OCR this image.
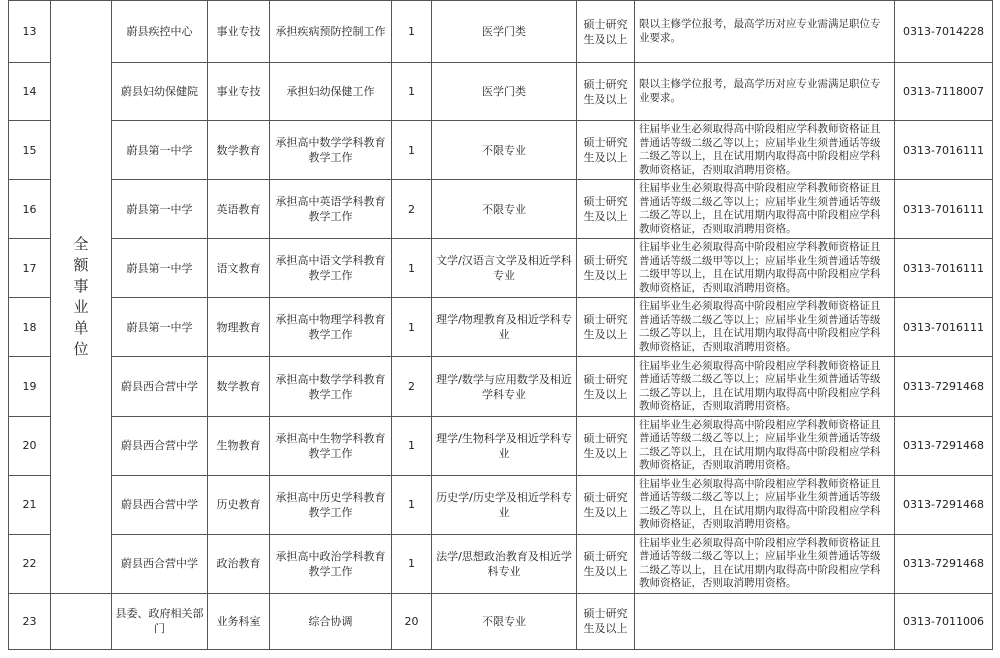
13	全额事业单位	蔚县疾控中心	事业专技	承担疾病预防控制工作	1	医学门类	硕士研究生及以上	限以主修学位报考，最高学历对应专业需满足职位专业要求。	0313-7014228
14		蔚县妇幼保健院	事业专技	承担妇幼保健工作	1	医学门类	硕士研究生及以上	限以主修学位报考，最高学历对应专业需满足职位专业要求。	0313-7118007
15		蔚县第一中学	数学教育	承担高中数学学科教育教学工作	1	不限专业	硕士研究生及以上	往届毕业生必须取得高中阶段相应学科教师资格证且普通话等级二级乙等以上；应届毕业生须普通话等级二级乙等以上，且在试用期内取得高中阶段相应学科教师资格证，否则取消聘用资格。	0313-7016111
16		蔚县第一中学	英语教育	承担高中英语学科教育教学工作	2	不限专业	硕士研究生及以上	往届毕业生必须取得高中阶段相应学科教师资格证且普通话等级二级乙等以上；应届毕业生须普通话等级二级乙等以上，且在试用期内取得高中阶段相应学科教师资格证，否则取消聘用资格。	0313-7016111
17		蔚县第一中学	语文教育	承担高中语文学科教育教学工作	1	文学/汉语言文学及相近学科专业	硕士研究生及以上	往届毕业生必须取得高中阶段相应学科教师资格证且普通话等级二级甲等以上；应届毕业生须普通话等级二级甲等以上，且在试用期内取得高中阶段相应学科教师资格证，否则取消聘用资格。	0313-7016111
18		蔚县第一中学	物理教育	承担高中物理学科教育教学工作	1	理学/物理教育及相近学科专业	硕士研究生及以上	往届毕业生必须取得高中阶段相应学科教师资格证且普通话等级二级乙等以上；应届毕业生须普通话等级二级乙等以上，且在试用期内取得高中阶段相应学科教师资格证，否则取消聘用资格。	0313-7016111
19		蔚县西合营中学	数学教育	承担高中数学学科教育教学工作	2	理学/数学与应用数学及相近学科专业	硕士研究生及以上	往届毕业生必须取得高中阶段相应学科教师资格证且普通话等级二级乙等以上；应届毕业生须普通话等级二级乙等以上，且在试用期内取得高中阶段相应学科教师资格证，否则取消聘用资格。	0313-7291468
20		蔚县西合营中学	生物教育	承担高中生物学科教育教学工作	1	理学/生物科学及相近学科专业	硕士研究生及以上	往届毕业生必须取得高中阶段相应学科教师资格证且普通话等级二级乙等以上；应届毕业生须普通话等级二级乙等以上，且在试用期内取得高中阶段相应学科教师资格证，否则取消聘用资格。	0313-7291468
21		蔚县西合营中学	历史教育	承担高中历史学科教育教学工作	1	历史学/历史学及相近学科专业	硕士研究生及以上	往届毕业生必须取得高中阶段相应学科教师资格证且普通话等级二级乙等以上；应届毕业生须普通话等级二级乙等以上，且在试用期内取得高中阶段相应学科教师资格证，否则取消聘用资格。	0313-7291468
22		蔚县西合营中学	政治教育	承担高中政治学科教育教学工作	1	法学/思想政治教育及相近学科专业	硕士研究生及以上	往届毕业生必须取得高中阶段相应学科教师资格证且普通话等级二级乙等以上；应届毕业生须普通话等级二级乙等以上，且在试用期内取得高中阶段相应学科教师资格证，否则取消聘用资格。	0313-7291468
23		县委、政府相关部门	业务科室	综合协调	20	不限专业	硕士研究生及以上		0313-7011006
